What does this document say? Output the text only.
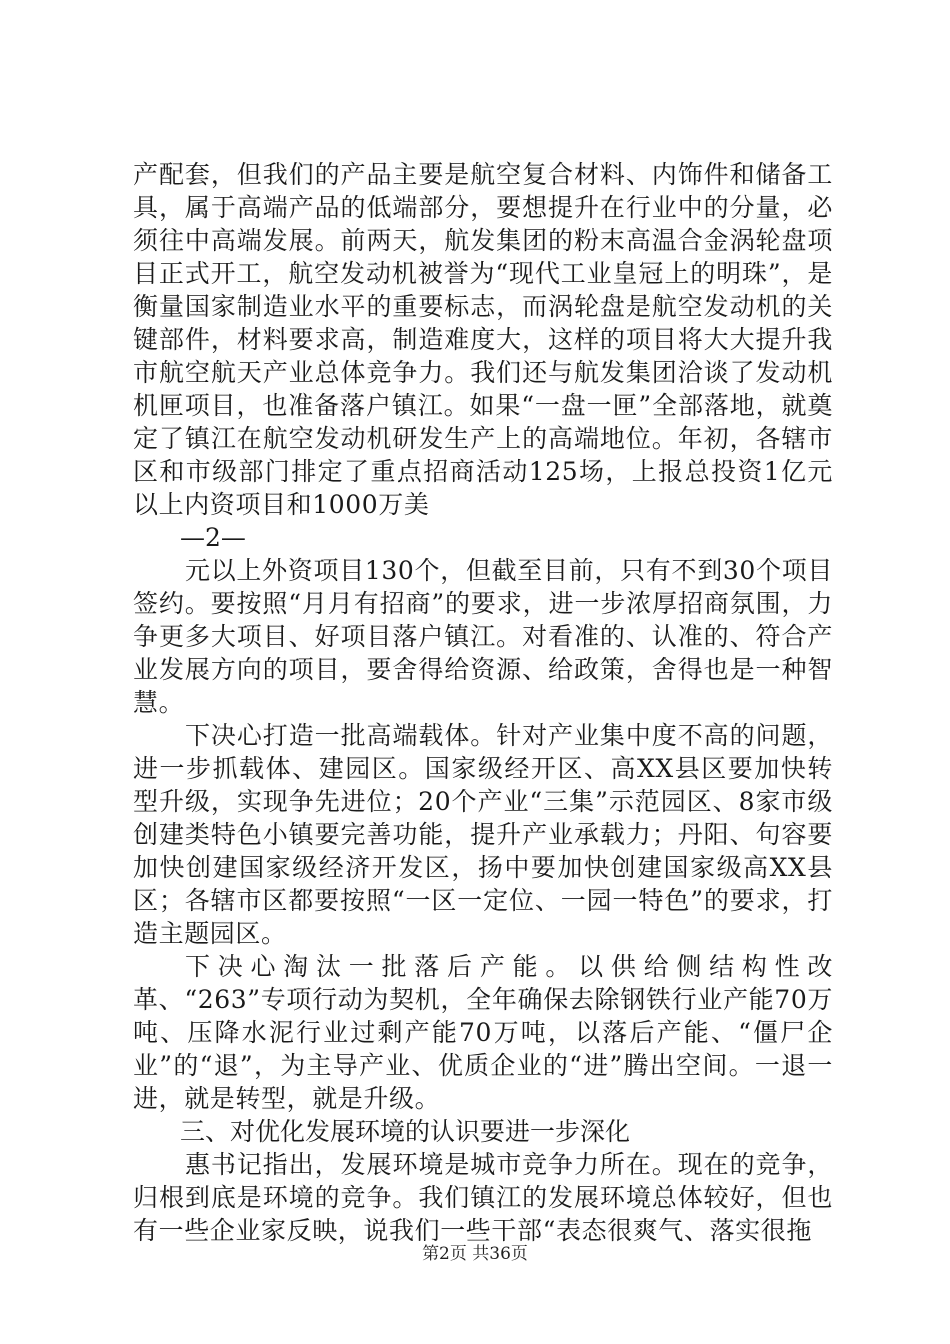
产配套，但我们的产品主要是航空复合材料、内饰件和储备工具，属于高端产品的低端部分，要想提升在行业中的分量，必须往中高端发展。前两天，航发集团的粉末高温合金涡轮盘项目正式开工，航空发动机被誉为“现代工业皇冠上的明珠”，是衡量国家制造业水平的重要标志，而涡轮盘是航空发动机的关键部件，材料要求高，制造难度大，这样的项目将大大提升我市航空航天产业总体竞争力。我们还与航发集团洽谈了发动机机匣项目，也准备落户镇江。如果“一盘一匣”全部落地，就奠定了镇江在航空发动机研发生产上的高端地位。年初，各辖市区和市级部门排定了重点招商活动125场，上报总投资1亿元以上内资项目和1000万美

—2—

元以上外资项目130个，但截至目前，只有不到30个项目签约。要按照“月月有招商”的要求，进一步浓厚招商氛围，力争更多大项目、好项目落户镇江。对看准的、认准的、符合产业发展方向的项目，要舍得给资源、给政策，舍得也是一种智慧。

下决心打造一批高端载体。针对产业集中度不高的问题，进一步抓载体、建园区。国家级经开区、高XX县区要加快转型升级，实现争先进位；20个产业“三集”示范园区、8家市级创建类特色小镇要完善功能，提升产业承载力；丹阳、句容要加快创建国家级经济开发区，扬中要加快创建国家级高XX县区；各辖市区都要按照“一区一定位、一园一特色”的要求，打造主题园区。

下决心淘汰一批落后产能。以供给侧结构性改革、“263”专项行动为契机，全年确保去除钢铁行业产能70万吨、压降水泥行业过剩产能70万吨，以落后产能、“僵尸企业”的“退”，为主导产业、优质企业的“进”腾出空间。一退一进，就是转型，就是升级。

三、对优化发展环境的认识要进一步深化

惠书记指出，发展环境是城市竞争力所在。现在的竞争，归根到底是环境的竞争。我们镇江的发展环境总体较好，但也有一些企业家反映，说我们一些干部“表态很爽气、落实很拖

第2页 共36页
